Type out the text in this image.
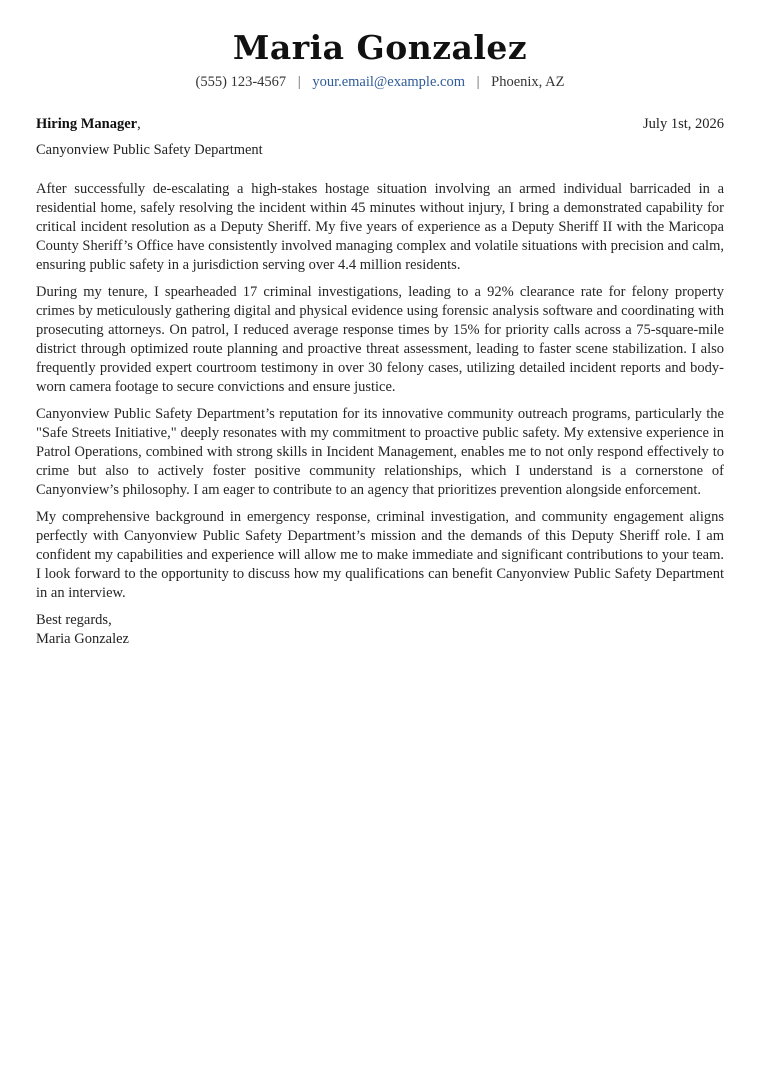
Maria Gonzalez
(555) 123-4567 | your.email@example.com | Phoenix, AZ
Hiring Manager,	July 1st, 2026
Canyonview Public Safety Department

After successfully de-escalating a high-stakes hostage situation involving an armed individual barricaded in a residential home, safely resolving the incident within 45 minutes without injury, I bring a demonstrated capability for critical incident resolution as a Deputy Sheriff. My five years of experience as a Deputy Sheriff II with the Maricopa County Sheriff’s Office have consistently involved managing complex and volatile situations with precision and calm, ensuring public safety in a jurisdiction serving over 4.4 million residents.

During my tenure, I spearheaded 17 criminal investigations, leading to a 92% clearance rate for felony property crimes by meticulously gathering digital and physical evidence using forensic analysis software and coordinating with prosecuting attorneys. On patrol, I reduced average response times by 15% for priority calls across a 75-square-mile district through optimized route planning and proactive threat assessment, leading to faster scene stabilization. I also frequently provided expert courtroom testimony in over 30 felony cases, utilizing detailed incident reports and body-worn camera footage to secure convictions and ensure justice.

Canyonview Public Safety Department’s reputation for its innovative community outreach programs, particularly the "Safe Streets Initiative," deeply resonates with my commitment to proactive public safety. My extensive experience in Patrol Operations, combined with strong skills in Incident Management, enables me to not only respond effectively to crime but also to actively foster positive community relationships, which I understand is a cornerstone of Canyonview’s philosophy. I am eager to contribute to an agency that prioritizes prevention alongside enforcement.

My comprehensive background in emergency response, criminal investigation, and community engagement aligns perfectly with Canyonview Public Safety Department’s mission and the demands of this Deputy Sheriff role. I am confident my capabilities and experience will allow me to make immediate and significant contributions to your team. I look forward to the opportunity to discuss how my qualifications can benefit Canyonview Public Safety Department in an interview.

Best regards,
Maria Gonzalez
